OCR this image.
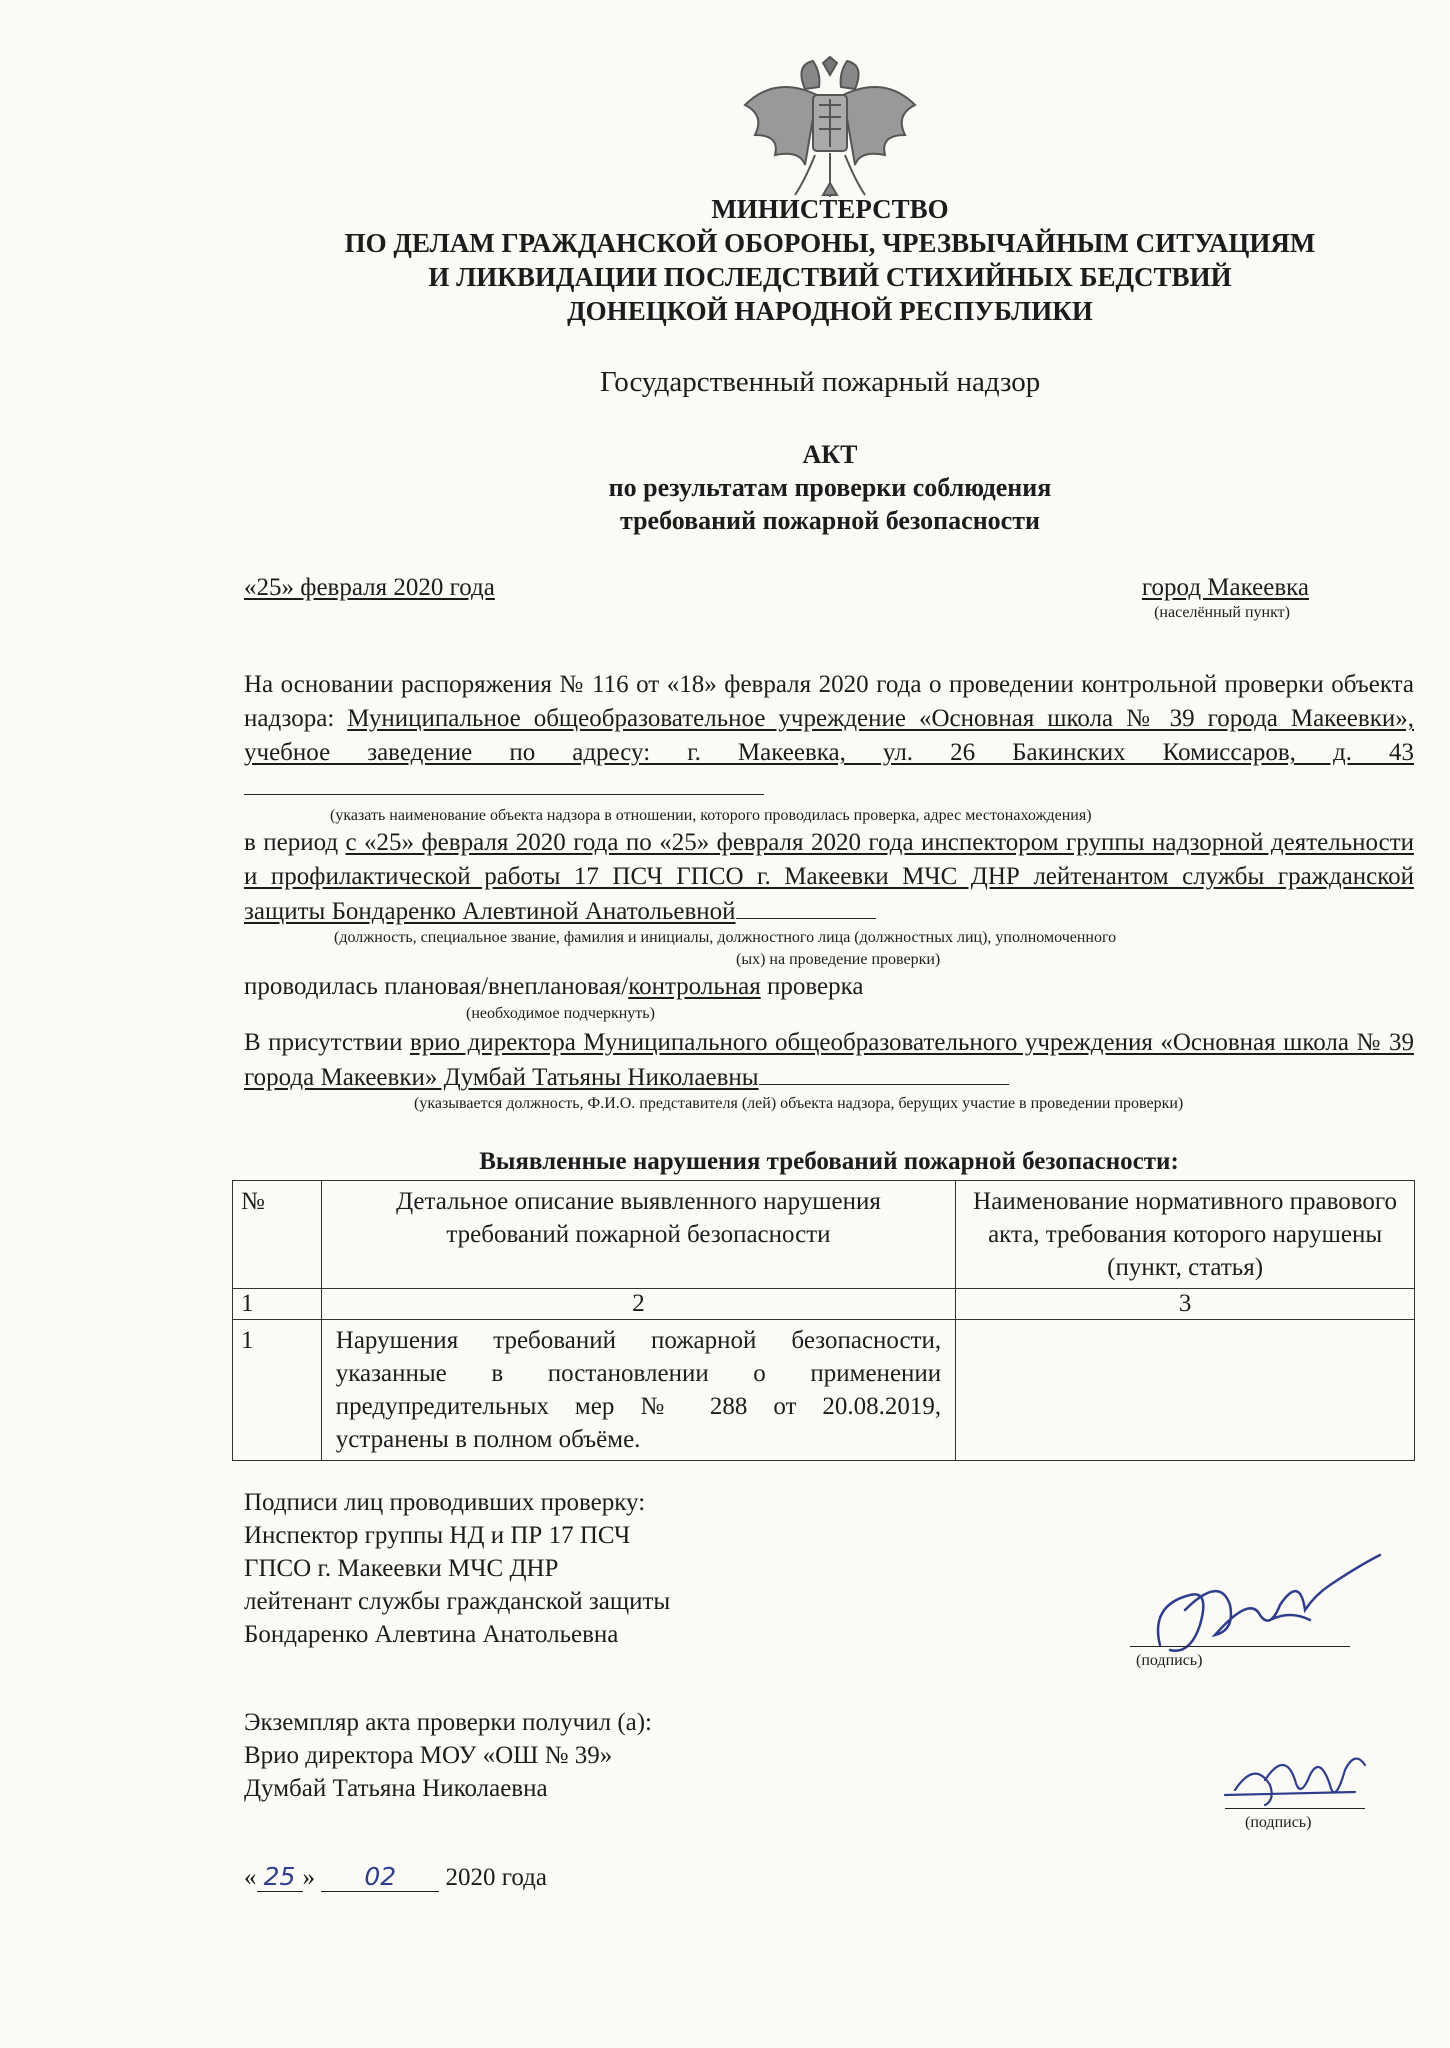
МИНИСТЕРСТВО
ПО ДЕЛАМ ГРАЖДАНСКОЙ ОБОРОНЫ, ЧРЕЗВЫЧАЙНЫМ СИТУАЦИЯМ
И ЛИКВИДАЦИИ ПОСЛЕДСТВИЙ СТИХИЙНЫХ БЕДСТВИЙ
ДОНЕЦКОЙ НАРОДНОЙ РЕСПУБЛИКИ
Государственный пожарный надзор
АКТ
по результатам проверки соблюдения
требований пожарной безопасности
«25» февраля 2020 года	город Макеевка
(населённый пункт)
На основании распоряжения № 116 от «18» февраля 2020 года о проведении контрольной проверки объекта надзора: Муниципальное общеобразовательное учреждение «Основная школа № 39 города Макеевки», учебное заведение по адресу: г. Макеевка, ул. 26 Бакинских Комиссаров, д. 43
(указать наименование объекта надзора в отношении, которого проводилась проверка, адрес местонахождения)
в период с «25» февраля 2020 года по «25» февраля 2020 года инспектором группы надзорной деятельности и профилактической работы 17 ПСЧ ГПСО г. Макеевки МЧС ДНР лейтенантом службы гражданской защиты Бондаренко Алевтиной Анатольевной
(должность, специальное звание, фамилия и инициалы, должностного лица (должностных лиц), уполномоченного
(ых) на проведение проверки)
проводилась плановая/внеплановая/контрольная проверка
(необходимое подчеркнуть)
В присутствии врио директора Муниципального общеобразовательного учреждения «Основная школа № 39 города Макеевки» Думбай Татьяны Николаевны
(указывается должность, Ф.И.О. представителя (лей) объекта надзора, берущих участие в проведении проверки)
Выявленные нарушения требований пожарной безопасности:
№	Детальное описание выявленного нарушения требований пожарной безопасности	Наименование нормативного правового акта, требования которого нарушены (пункт, статья)
1	2	3
1	Нарушения требований пожарной безопасности, указанные в постановлении о применении предупредительных мер № 288 от 20.08.2019, устранены в полном объёме.	
Подписи лиц проводивших проверку:
Инспектор группы НД и ПР 17 ПСЧ
ГПСО г. Макеевки МЧС ДНР
лейтенант службы гражданской защиты
Бондаренко Алевтина Анатольевна
(подпись)
Экземпляр акта проверки получил (а):
Врио директора МОУ «ОШ № 39»
Думбай Татьяна Николаевна
(подпись)
« 25 » 02 2020 года
